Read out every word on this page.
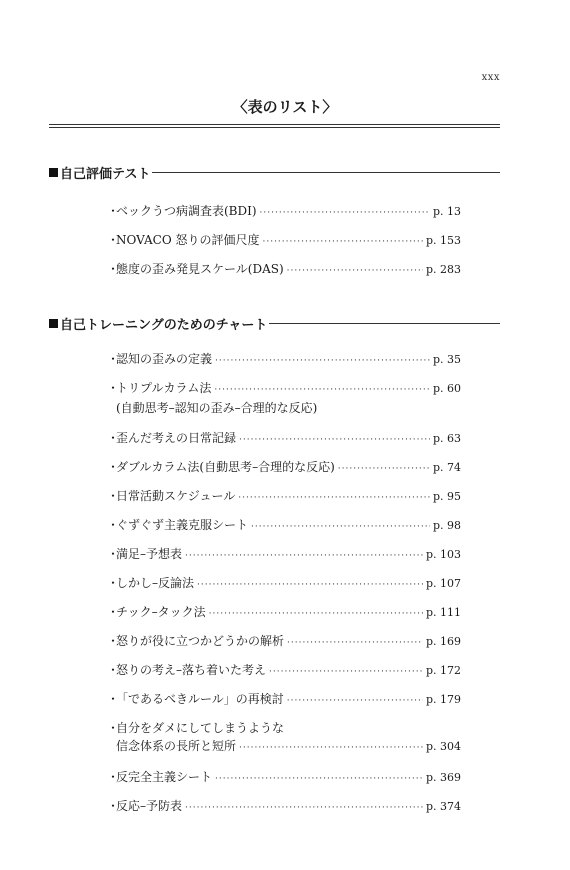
xxx
〈表のリスト〉
自己評価テスト
・
ベックうつ病調査表(BDI) ·····	p. 13
・
NOVACO 怒りの評価尺度 ·····	p. 153
・
態度の歪み発見スケール(DAS) ·····	p. 283
自己トレーニングのためのチャート
・
認知の歪みの定義 ·····	p. 35
・
トリプルカラム法 ·····	p. 60
(自動思考–認知の歪み–合理的な反応)
・
歪んだ考えの日常記録 ·····	p. 63
・
ダブルカラム法(自動思考–合理的な反応) ·····	p. 74
・
日常活動スケジュール ·····	p. 95
・
ぐずぐず主義克服シート ·····	p. 98
・
満足–予想表 ·····	p. 103
・
しかし–反論法 ·····	p. 107
・
チック–タック法 ·····	p. 111
・
怒りが役に立つかどうかの解析 ·····	p. 169
・
怒りの考え–落ち着いた考え ·····	p. 172
・
「であるべきルール」の再検討 ·····	p. 179
・
自分をダメにしてしまうような
信念体系の長所と短所 ·····	p. 304
・
反完全主義シート ·····	p. 369
・
反応–予防表 ·····	p. 374
